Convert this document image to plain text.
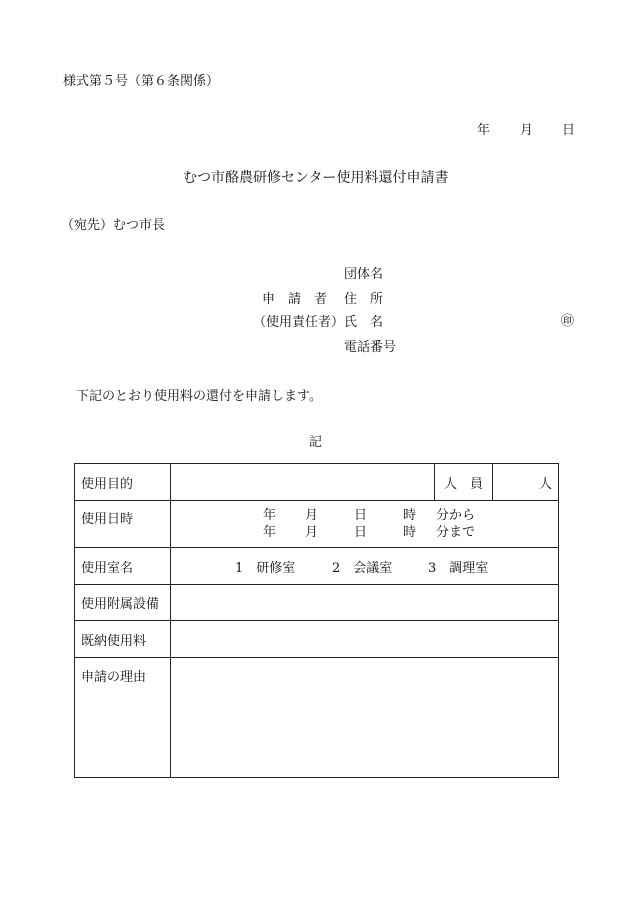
様式第５号（第６条関係）
年 月 日
むつ市酪農研修センター使用料還付申請書
（宛先）むつ市長
団体名
申　請　者 住　所
（使用責任者） 氏　名	㊞
電話番号
下記のとおり使用料の還付を申請します。
記
使用目的		人　員	人
使用日時	年 月 日 時 分から
年 月 日 時 分まで		

使用室名	1　研修室 2　会議室 3　調理室		
使用附属設備			
既納使用料			
申請の理由			
